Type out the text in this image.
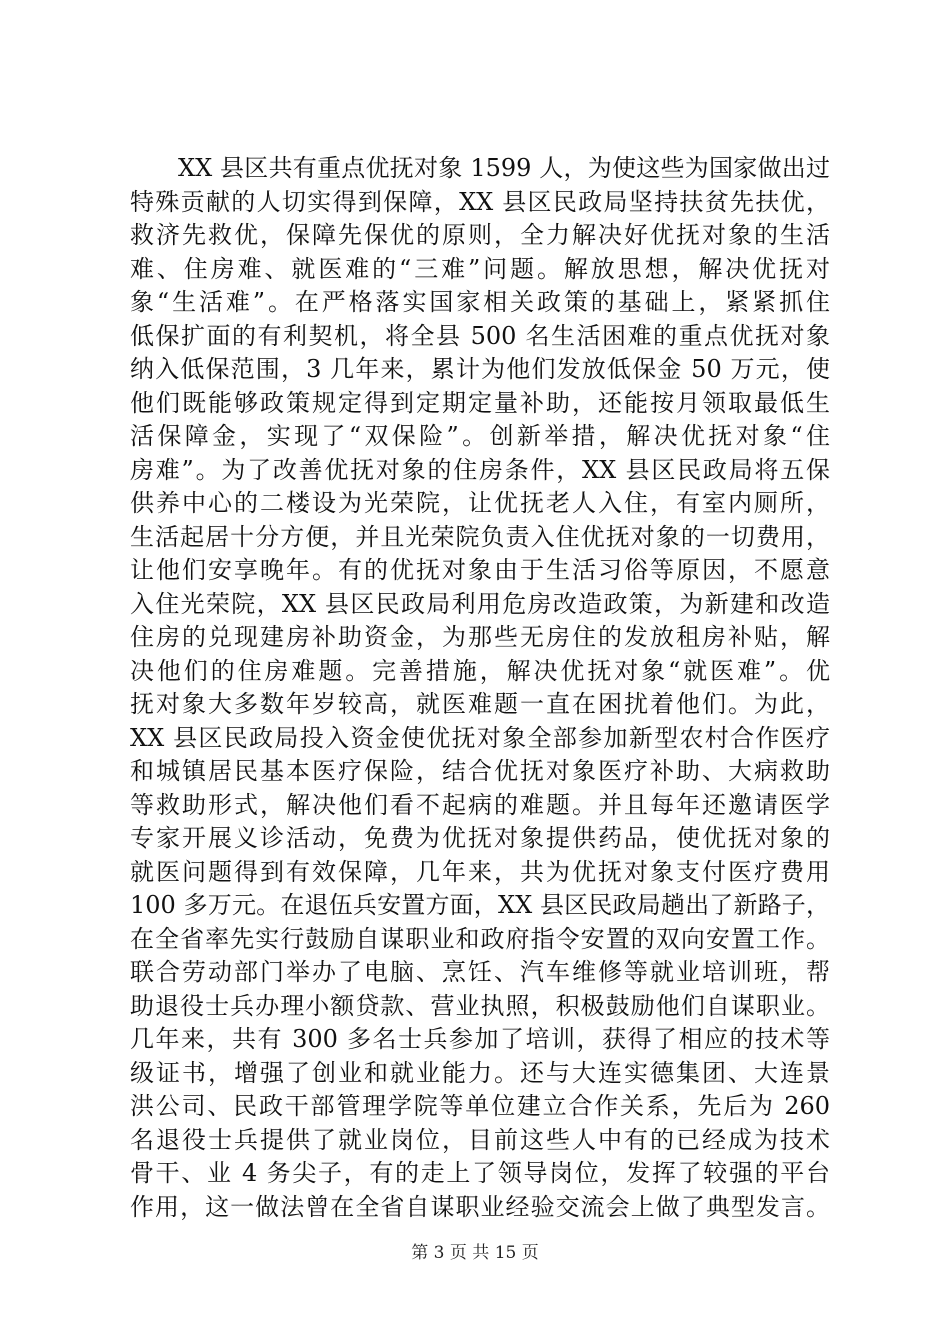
XX 县区共有重点优抚对象 1599 人，为使这些为国家做出过
特殊贡献的人切实得到保障，XX 县区民政局坚持扶贫先扶优，
救济先救优，保障先保优的原则，全力解决好优抚对象的生活
难、住房难、就医难的“三难”问题。解放思想，解决优抚对
象“生活难”。在严格落实国家相关政策的基础上，紧紧抓住
低保扩面的有利契机，将全县 500 名生活困难的重点优抚对象
纳入低保范围，3 几年来，累计为他们发放低保金 50 万元，使
他们既能够政策规定得到定期定量补助，还能按月领取最低生
活保障金，实现了“双保险”。创新举措，解决优抚对象“住
房难”。为了改善优抚对象的住房条件，XX 县区民政局将五保
供养中心的二楼设为光荣院，让优抚老人入住，有室内厕所，
生活起居十分方便，并且光荣院负责入住优抚对象的一切费用，
让他们安享晚年。有的优抚对象由于生活习俗等原因，不愿意
入住光荣院，XX 县区民政局利用危房改造政策，为新建和改造
住房的兑现建房补助资金，为那些无房住的发放租房补贴，解
决他们的住房难题。完善措施，解决优抚对象“就医难”。优
抚对象大多数年岁较高，就医难题一直在困扰着他们。为此，
XX 县区民政局投入资金使优抚对象全部参加新型农村合作医疗
和城镇居民基本医疗保险，结合优抚对象医疗补助、大病救助
等救助形式，解决他们看不起病的难题。并且每年还邀请医学
专家开展义诊活动，免费为优抚对象提供药品，使优抚对象的
就医问题得到有效保障，几年来，共为优抚对象支付医疗费用
100 多万元。在退伍兵安置方面，XX 县区民政局趟出了新路子，
在全省率先实行鼓励自谋职业和政府指令安置的双向安置工作。
联合劳动部门举办了电脑、烹饪、汽车维修等就业培训班，帮
助退役士兵办理小额贷款、营业执照，积极鼓励他们自谋职业。
几年来，共有 300 多名士兵参加了培训，获得了相应的技术等
级证书，增强了创业和就业能力。还与大连实德集团、大连景
洪公司、民政干部管理学院等单位建立合作关系，先后为 260
名退役士兵提供了就业岗位，目前这些人中有的已经成为技术
骨干、业 4 务尖子，有的走上了领导岗位，发挥了较强的平台
作用，这一做法曾在全省自谋职业经验交流会上做了典型发言。
第 3 页 共 15 页
